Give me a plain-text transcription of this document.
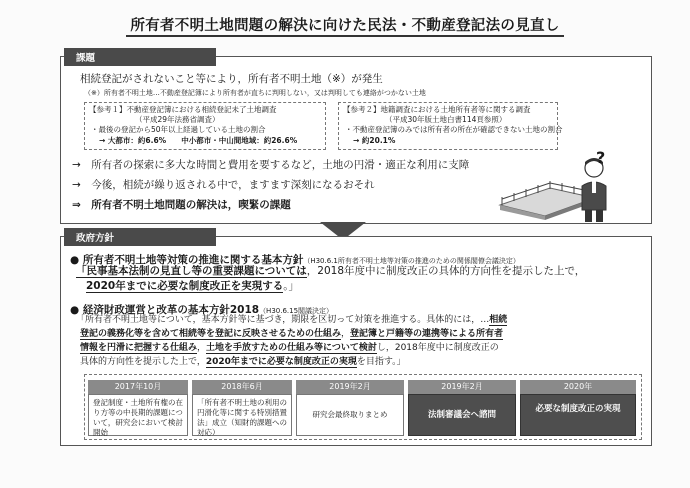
所有者不明土地問題の解決に向けた民法・不動産登記法の見直し
課題
相続登記がされないこと等により，所有者不明土地（※）が発生
（※）所有者不明土地…不動産登記簿により所有者が直ちに判明しない，又は判明しても連絡がつかない土地
【参考１】不動産登記簿における相続登記未了土地調査
（平成29年法務省調査）
・最後の登記から50年以上経過している土地の割合
→ 大都市：約6.6%　　中小都市・中山間地域：約26.6%
【参考２】地籍調査における土地所有者等に関する調査
（平成30年版土地白書114頁参照）
・不動産登記簿のみでは所有者の所在が確認できない土地の割合
→ 約20.1%
→　所有者の探索に多大な時間と費用を要するなど，土地の円滑・適正な利用に支障
→　今後，相続が繰り返される中で，ますます深刻になるおそれ
⇒　所有者不明土地問題の解決は，喫緊の課題
?
政府方針
● 所有者不明土地等対策の推進に関する基本方針（H30.6.1所有者不明土地等対策の推進のための関係閣僚会議決定）
「民事基本法制の見直し等の重要課題については，2018年度中に制度改正の具体的方向性を提示した上で，
2020年までに必要な制度改正を実現する。」
● 経済財政運営と改革の基本方針2018（H30.6.15閣議決定）
「所有者不明土地等について，基本方針等に基づき，期限を区切って対策を推進する。具体的には，…相続
登記の義務化等を含めて相続等を登記に反映させるための仕組み，登記簿と戸籍等の連携等による所有者
情報を円滑に把握する仕組み，土地を手放すための仕組み等について検討し，2018年度中に制度改正の
具体的方向性を提示した上で，2020年までに必要な制度改正の実現を目指す。」
2017年10月
登記制度・土地所有権の在り方等の中長期的課題について，研究会において検討開始
2018年6月
「所有者不明土地の利用の円滑化等に関する特別措置法」成立（知財的課題への対応）
2019年2月
研究会最終取りまとめ
2019年2月
法制審議会へ諮問
2020年
必要な制度改正の実現
